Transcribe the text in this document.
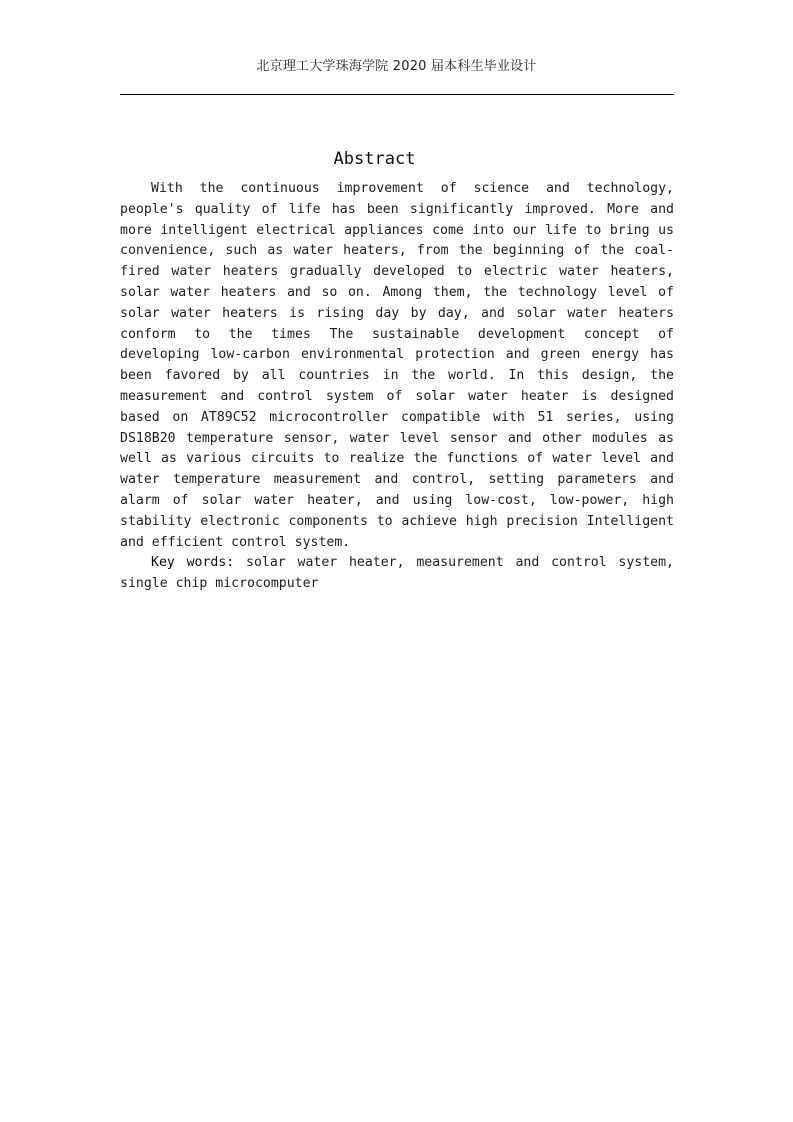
北京理工大学珠海学院 2020 届本科生毕业设计
Abstract

With the continuous improvement of science and technology, people's quality of life has been significantly improved. More and more intelligent electrical appliances come into our life to bring us convenience, such as water heaters, from the beginning of the coal-fired water heaters gradually developed to electric water heaters, solar water heaters and so on. Among them, the technology level of solar water heaters is rising day by day, and solar water heaters conform to the times The sustainable development concept of developing low-carbon environmental protection and green energy has been favored by all countries in the world. In this design, the measurement and control system of solar water heater is designed based on AT89C52 microcontroller compatible with 51 series, using DS18B20 temperature sensor, water level sensor and other modules as well as various circuits to realize the functions of water level and water temperature measurement and control, setting parameters and alarm of solar water heater, and using low-cost, low-power, high stability electronic components to achieve high precision Intelligent and efficient control system.

Key words: solar water heater, measurement and control system, single chip microcomputer
